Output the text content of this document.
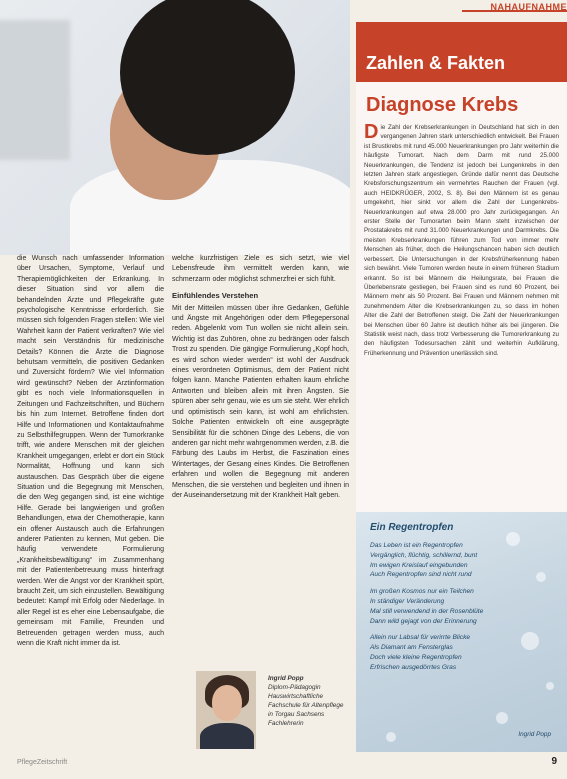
NAHAUFNAHME
Zahlen & Fakten
Diagnose Krebs
Die Zahl der Krebserkrankungen in Deutschland hat sich in den vergangenen Jahren stark unterschiedlich entwickelt. Bei Frauen ist Brustkrebs mit rund 45.000 Neuerkrankungen pro Jahr weiterhin die häufigste Tumorart. Nach dem Darm mit rund 25.000 Neuerkrankungen, die Tendenz ist jedoch bei Lungenkrebs in den letzten Jahren stark angestiegen. Gründe dafür nennt das Deutsche Krebsforschungszentrum ein vermehrtes Rauchen der Frauen (vgl. auch HEIDKRÜGER, 2002, S. 8). Bei den Männern ist es genau umgekehrt, hier sinkt vor allem die Zahl der Lungenkrebs-Neuerkrankungen auf etwa 28.000 pro Jahr zurückgegangen. An erster Stelle der Tumorarten beim Mann steht inzwischen der Prostatakrebs mit rund 31.000 Neuerkrankungen und Darmkrebs. Die meisten Krebserkrankungen führen zum Tod von immer mehr Menschen als früher, doch die Heilungschancen haben sich deutlich verbessert. Die Untersuchungen in der Krebsfrüherkennung haben sich bewährt. Viele Tumoren werden heute in einem früheren Stadium erkannt. So ist bei Männern die Heilungsrate, bei Frauen die Überlebensrate gestiegen, bei Frauen sind es rund 60 Prozent, bei Männern mehr als 50 Prozent. Bei Frauen und Männern nehmen mit zunehmendem Alter die Krebserkrankungen zu, so dass im hohen Alter die Zahl der Betroffenen steigt. Die Zahl der Neuerkrankungen bei Menschen über 60 Jahre ist deutlich höher als bei jüngeren. Die Statistik weist nach, dass trotz Verbesserung die Tumorerkrankung zu den häufigsten Todesursachen zählt und weiterhin Aufklärung, Früherkennung und Prävention unerlässlich sind.
die Wunsch nach umfassender Information über Ursachen, Symptome, Verlauf und Therapiemöglichkeiten der Erkrankung. In dieser Situation sind vor allem die behandelnden Ärzte und Pflegekräfte gute psychologische Kenntnisse erforderlich. Sie müssen sich folgenden Fragen stellen: Wie viel Wahrheit kann der Patient verkraften? Wie viel macht sein Verständnis für medizinische Details? Können die Ärzte die Diagnose behutsam vermitteln, die positiven Gedanken und Zuversicht fördern? Wie viel Information wird gewünscht? Neben der Arztinformation gibt es noch viele Informationsquellen in Zeitungen und Fachzeitschriften, und Büchern bis hin zum Internet. Betroffene finden dort Hilfe und Informationen und Kontaktaufnahme zu Selbsthilfegruppen. Wenn der Tumorkranke trifft, wie andere Menschen mit der gleichen Krankheit umgegangen, erlebt er dort ein Stück Normalität, Hoffnung und kann sich austauschen. Das Gespräch über die eigene Situation und die Begegnung mit Menschen, die den Weg gegangen sind, ist eine wichtige Hilfe. Gerade bei langwierigen und großen Behandlungen, etwa der Chemotherapie, kann ein offener Austausch auch die Erfahrungen anderer Patienten zu kennen, Mut geben. Die häufig verwendete Formulierung „Krankheitsbewältigung“ im Zusammenhang mit der Patientenbetreuung muss hinterfragt werden. Wer die Angst vor der Krankheit spürt, braucht Zeit, um sich einzustellen. Bewältigung bedeutet: Kampf mit Erfolg oder Niederlage. In aller Regel ist es eher eine Lebensaufgabe, die gemeinsam mit Familie, Freunden und Betreuenden getragen werden muss, auch wenn die Kraft nicht immer da ist.
welche kurzfristigen Ziele es sich setzt, wie viel Lebensfreude ihm vermittelt werden kann, wie schmerzarm oder möglichst schmerzfrei er sich fühlt.
Einfühlendes Verstehen
Mit der Mitteilen müssen über ihre Gedanken, Gefühle und Ängste mit Angehörigen oder dem Pflegepersonal reden. Abgelenkt vom Tun wollen sie nicht allein sein. Wichtig ist das Zuhören, ohne zu bedrängen oder falsch Trost zu spenden. Die gängige Formulierung „Kopf hoch, es wird schon wieder werden“ ist wohl der Ausdruck eines verordneten Optimismus, dem der Patient nicht folgen kann. Manche Patienten erhalten kaum ehrliche Antworten und bleiben allein mit ihren Ängsten. Sie spüren aber sehr genau, wie es um sie steht. Wer ehrlich und optimistisch sein kann, ist wohl am ehrlichsten. Solche Patienten entwickeln oft eine ausgeprägte Sensibilität für die schönen Dinge des Lebens, die von anderen gar nicht mehr wahrgenommen werden, z.B. die Färbung des Laubs im Herbst, die Faszination eines Wintertages, der Gesang eines Kindes. Die Betroffenen erfahren und wollen die Begegnung mit anderen Menschen, die sie verstehen und begleiten und ihnen in der Auseinandersetzung mit der Krankheit Halt geben.
Ingrid Popp
Diplom-Pädagogin Hauswirtschaftliche Fachschule für Altenpflege in Torgau Sachsens Fachlehrerin
Ein Regentropfen
Das Leben ist ein Regentropfen
Vergänglich, flüchtig, schillernd, bunt
Im ewigen Kreislauf eingebunden
Auch Regentropfen sind nicht rund
Im großen Kosmos nur ein Teilchen
In ständiger Veränderung
Mal still verwendend in der Rosenblüte
Dann wild gejagt von der Erinnerung
Allein nur Labsal für verirrte Blicke
Als Diamant am Fensterglas
Doch viele kleine Regentropfen
Erfrischen ausgedörrtes Gras
Ingrid Popp
PflegeZeitschrift	9
